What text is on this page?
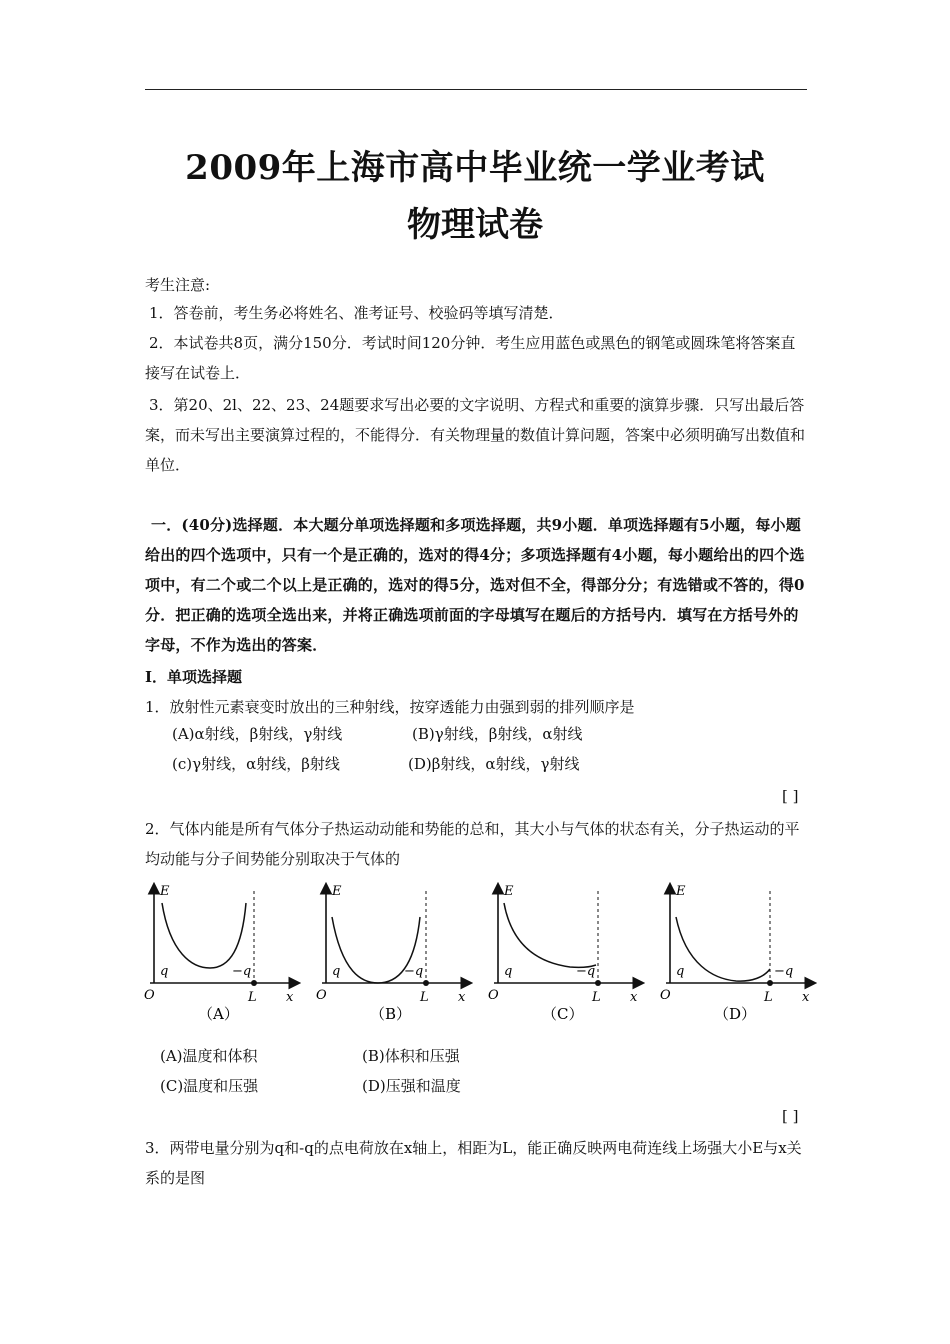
2009年上海市高中毕业统一学业考试
物理试卷
考生注意:
1．答卷前，考生务必将姓名、准考证号、校验码等填写清楚．
2．本试卷共8页，满分150分．考试时间120分钟．考生应用蓝色或黑色的钢笔或圆珠笔将答案直接写在试卷上．
3．第20、2l、22、23、24题要求写出必要的文字说明、方程式和重要的演算步骤．只写出最后答案，而未写出主要演算过程的，不能得分．有关物理量的数值计算问题，答案中必须明确写出数值和单位．
一．(40分)选择题．本大题分单项选择题和多项选择题，共9小题．单项选择题有5小题，每小题给出的四个选项中，只有一个是正确的，选对的得4分；多项选择题有4小题，每小题给出的四个选项中，有二个或二个以上是正确的，选对的得5分，选对但不全，得部分分；有选错或不答的，得0分．把正确的选项全选出来，并将正确选项前面的字母填写在题后的方括号内．填写在方括号外的字母，不作为选出的答案．
Ⅰ．单项选择题
1．放射性元素衰变时放出的三种射线，按穿透能力由强到弱的排列顺序是
(A)α射线，β射线，γ射线	(B)γ射线，β射线，α射线
(c)γ射线，α射线，β射线	(D)β射线，α射线，γ射线
[ ]
2．气体内能是所有气体分子热运动动能和势能的总和，其大小与气体的状态有关，分子热运动的平均动能与分子间势能分别取决于气体的
E
q	−q
O	L x
（A）
E
q	−q
O	L x
（B）
E
q	−q
O	L x
（C）
E
q	−q
O	L x
（D）
(A)温度和体积	(B)体积和压强
(C)温度和压强	(D)压强和温度
[ ]
3．两带电量分别为q和-q的点电荷放在x轴上，相距为L，能正确反映两电荷连线上场强大小E与x关系的是图
